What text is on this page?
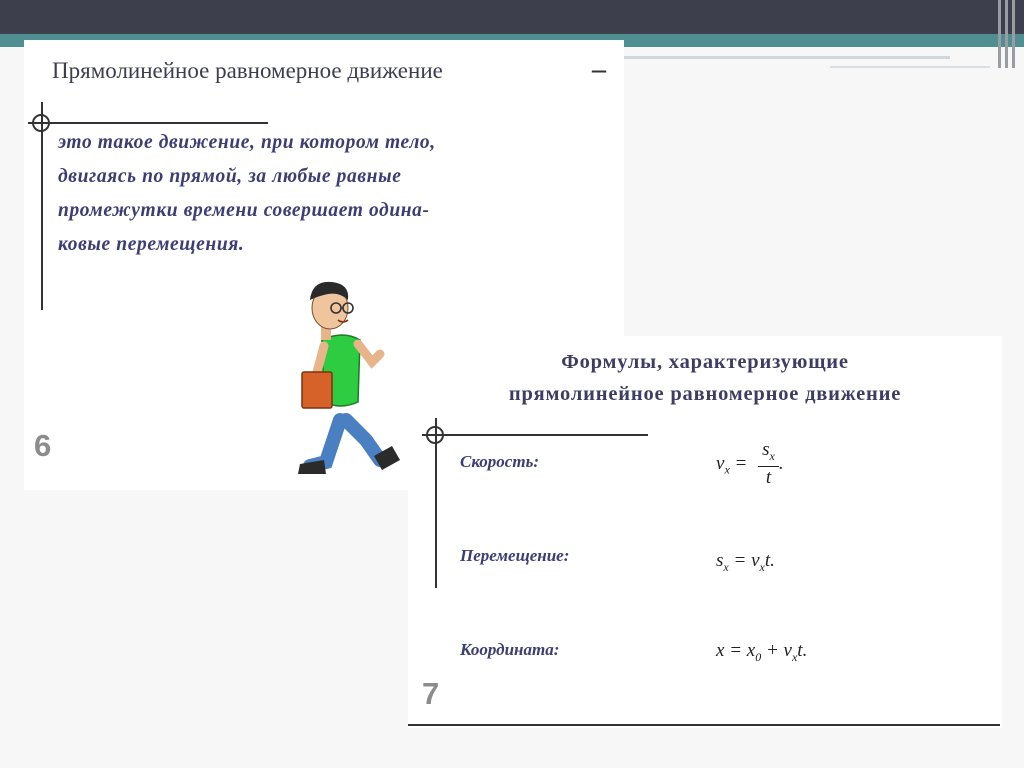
Прямолинейное равномерное движение	–

это такое движение, при котором тело,
двигаясь по прямой, за любые равные
промежутки времени совершает одина-
ковые перемещения.

6
Формулы, характеризующие
прямолинейное равномерное движение
Скорость:
Перемещение:
Координата:
$v_x = \frac{s_x}{t}$ .
$s_x = v_xt$.
$x = x_0 + v_xt$.
7
